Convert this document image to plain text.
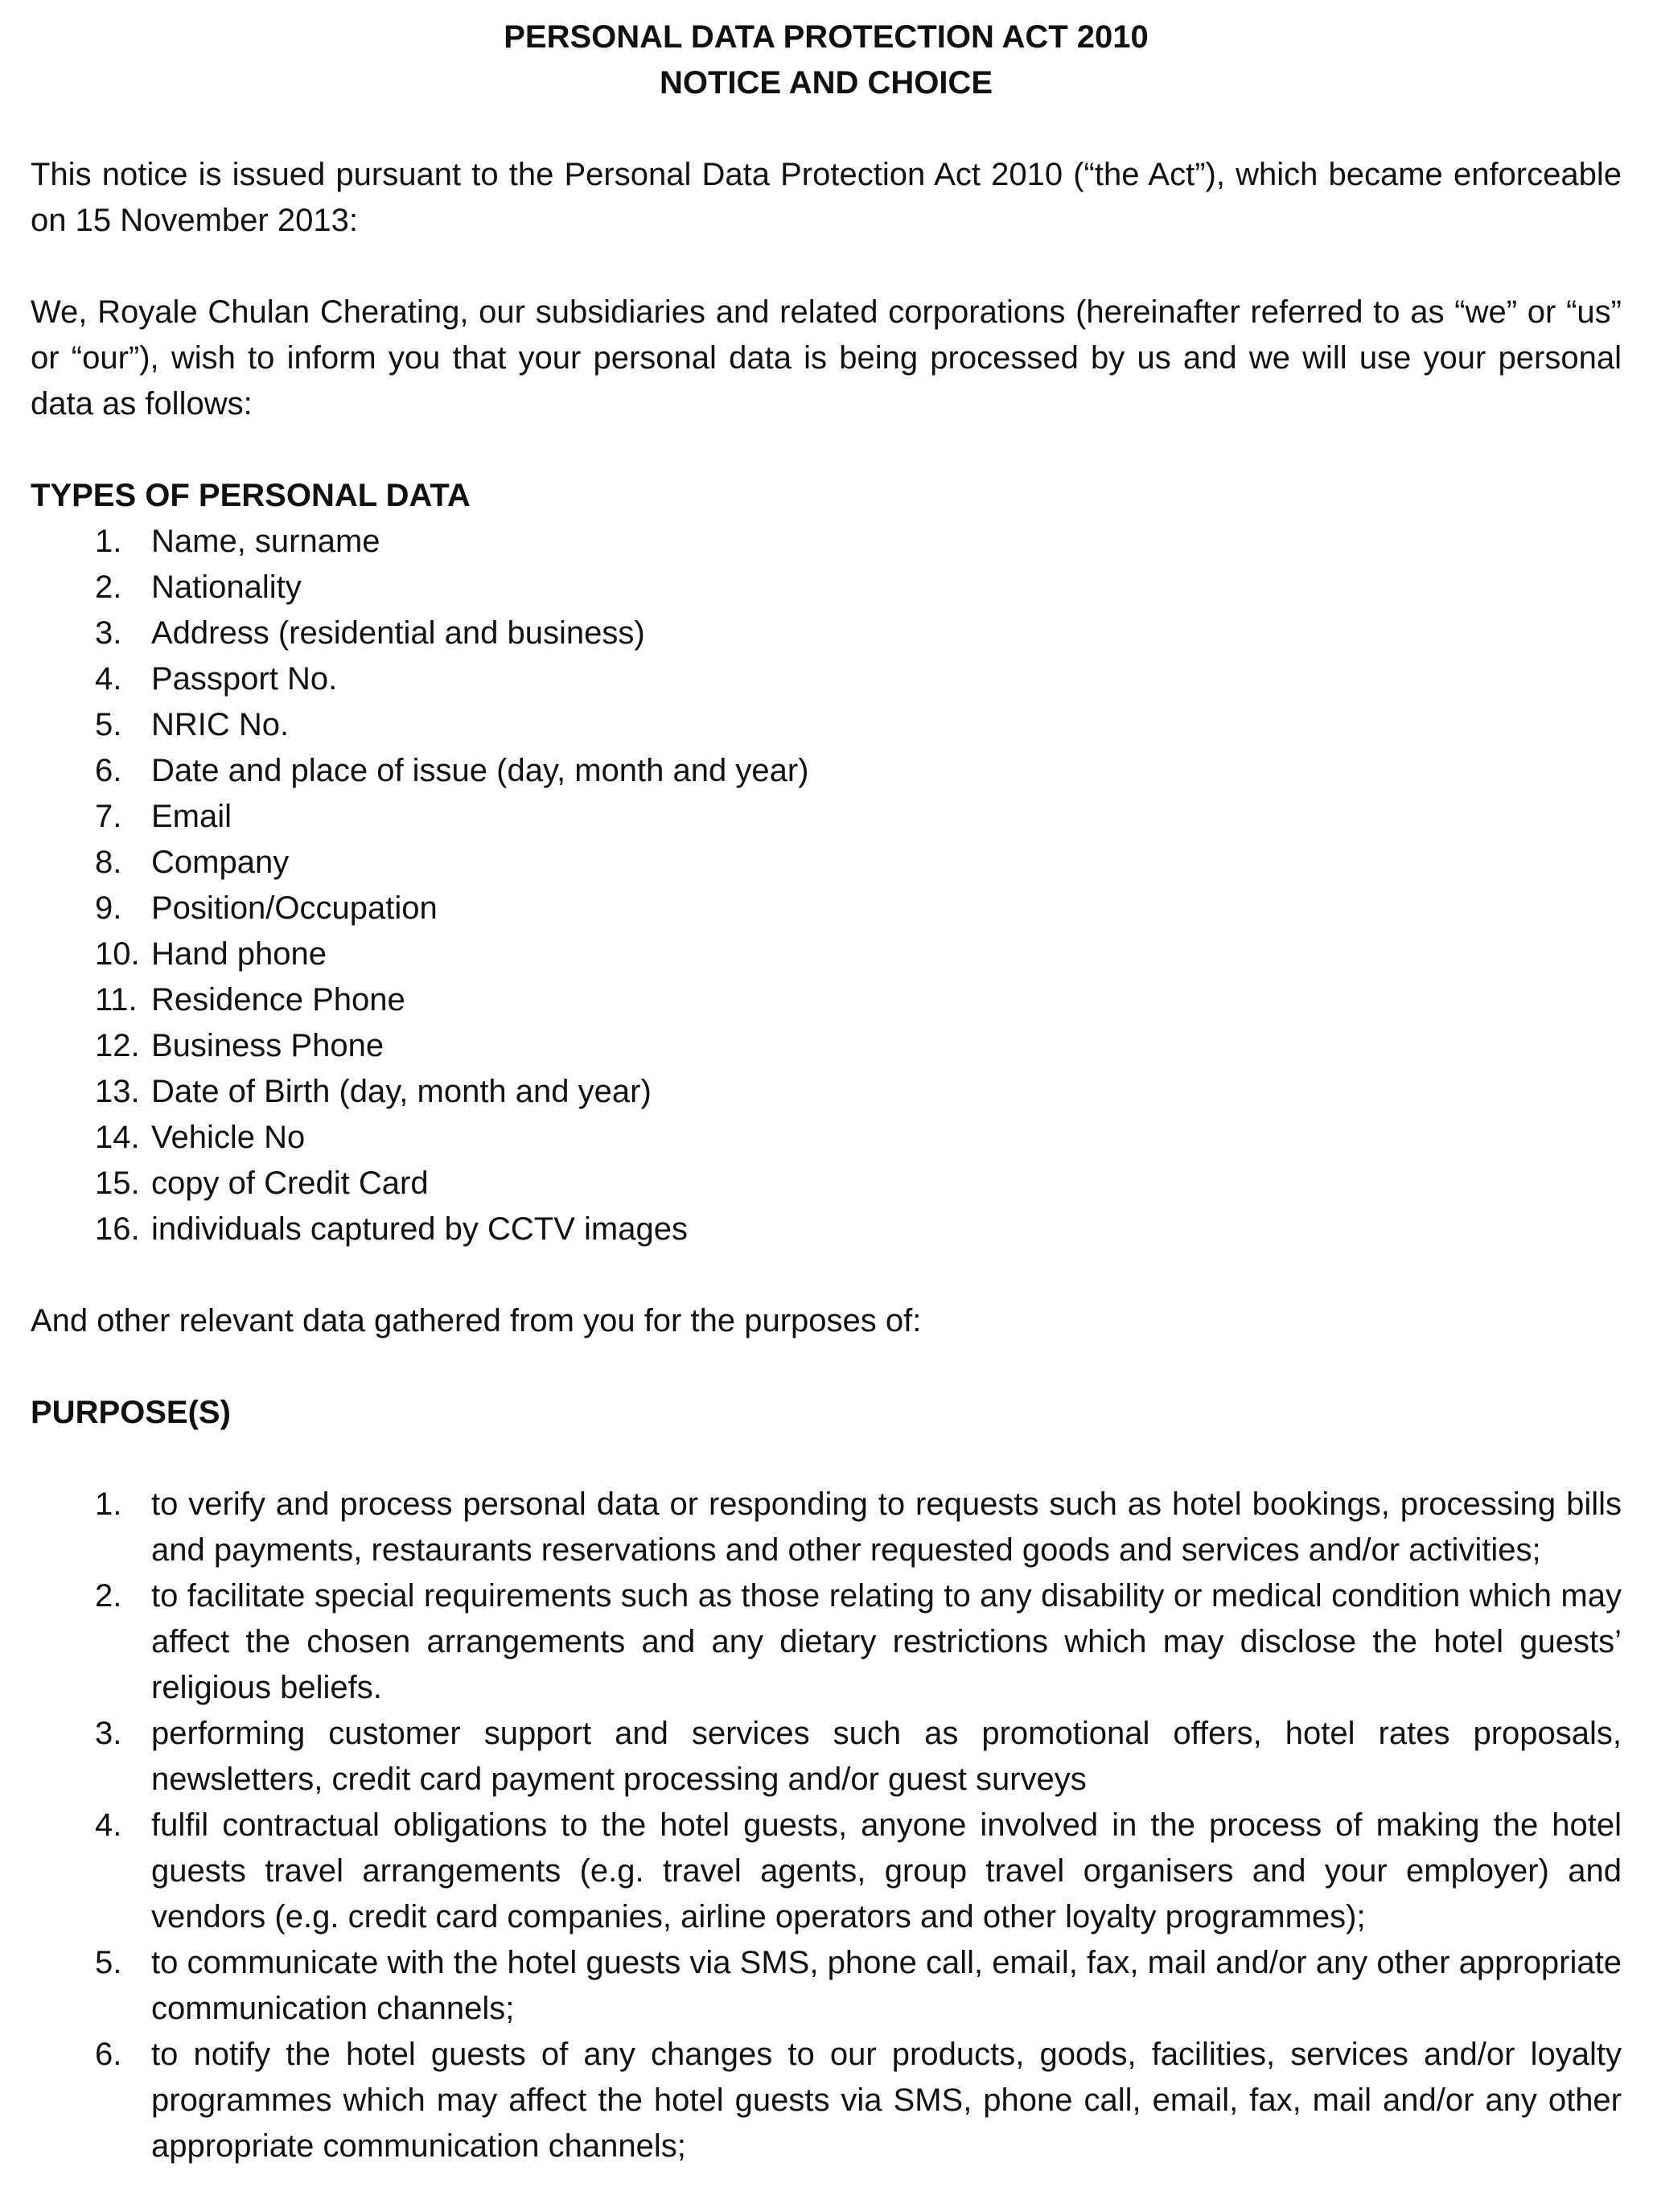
PERSONAL DATA PROTECTION ACT 2010

NOTICE AND CHOICE

This notice is issued pursuant to the Personal Data Protection Act 2010 (“the Act”), which became enforceable on 15 November 2013:

We, Royale Chulan Cherating, our subsidiaries and related corporations (hereinafter referred to as “we” or “us” or “our”), wish to inform you that your personal data is being processed by us and we will use your personal data as follows:

TYPES OF PERSONAL DATA

1. Name, surname
2. Nationality
3. Address (residential and business)
4. Passport No.
5. NRIC No.
6. Date and place of issue (day, month and year)
7. Email
8. Company
9. Position/Occupation
10. Hand phone
11. Residence Phone
12. Business Phone
13. Date of Birth (day, month and year)
14. Vehicle No
15. copy of Credit Card
16. individuals captured by CCTV images

And other relevant data gathered from you for the purposes of:

PURPOSE(S)

1. to verify and process personal data or responding to requests such as hotel bookings, processing bills and payments, restaurants reservations and other requested goods and services and/or activities;
2. to facilitate special requirements such as those relating to any disability or medical condition which may affect the chosen arrangements and any dietary restrictions which may disclose the hotel guests’ religious beliefs.
3. performing customer support and services such as promotional offers, hotel rates proposals, newsletters, credit card payment processing and/or guest surveys
4. fulfil contractual obligations to the hotel guests, anyone involved in the process of making the hotel guests travel arrangements (e.g. travel agents, group travel organisers and your employer) and vendors (e.g. credit card companies, airline operators and other loyalty programmes);
5. to communicate with the hotel guests via SMS, phone call, email, fax, mail and/or any other appropriate communication channels;
6. to notify the hotel guests of any changes to our products, goods, facilities, services and/or loyalty programmes which may affect the hotel guests via SMS, phone call, email, fax, mail and/or any other appropriate communication channels;
